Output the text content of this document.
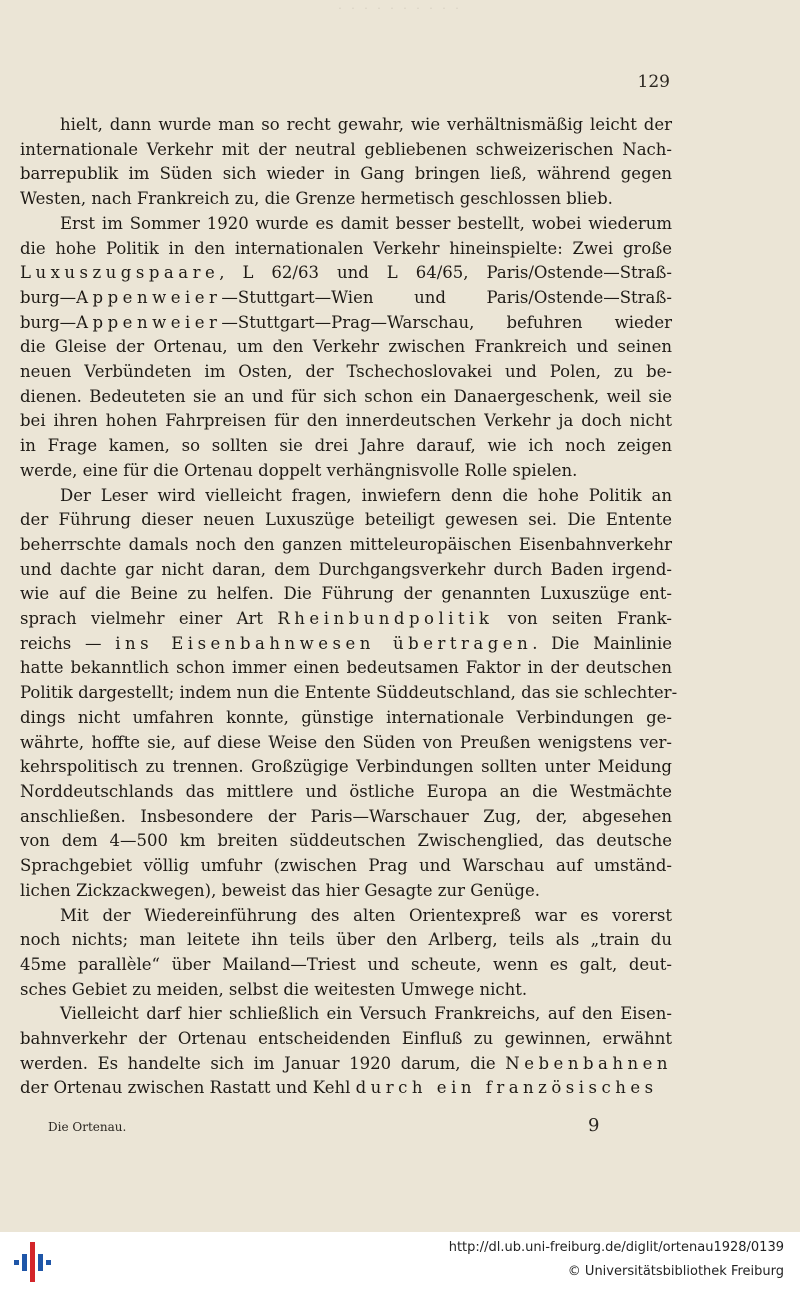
· · · · · · · · · ·
129

hielt, dann wurde man so recht gewahr, wie verhältnismäßig leicht der

internationale Verkehr mit der neutral gebliebenen schweizerischen Nach-

barrepublik im Süden sich wieder in Gang bringen ließ, während gegen

Westen, nach Frankreich zu, die Grenze hermetisch geschlossen blieb.

Erst im Sommer 1920 wurde es damit besser bestellt, wobei wiederum

die hohe Politik in den internationalen Verkehr hineinspielte: Zwei große

Luxuszugspaare, L 62/63 und L 64/65, Paris/Ostende—Straß-

burg—Appenweier—Stuttgart—Wien und Paris/Ostende—Straß-

burg—Appenweier—Stuttgart—Prag—Warschau, befuhren wieder

die Gleise der Ortenau, um den Verkehr zwischen Frankreich und seinen

neuen Verbündeten im Osten, der Tschechoslovakei und Polen, zu be-

dienen. Bedeuteten sie an und für sich schon ein Danaergeschenk, weil sie

bei ihren hohen Fahrpreisen für den innerdeutschen Verkehr ja doch nicht

in Frage kamen, so sollten sie drei Jahre darauf, wie ich noch zeigen

werde, eine für die Ortenau doppelt verhängnisvolle Rolle spielen.

Der Leser wird vielleicht fragen, inwiefern denn die hohe Politik an

der Führung dieser neuen Luxuszüge beteiligt gewesen sei. Die Entente

beherrschte damals noch den ganzen mitteleuropäischen Eisenbahnverkehr

und dachte gar nicht daran, dem Durchgangsverkehr durch Baden irgend-

wie auf die Beine zu helfen. Die Führung der genannten Luxuszüge ent-

sprach vielmehr einer Art Rheinbundpolitik von seiten Frank-

reichs — ins Eisenbahnwesen übertragen. Die Mainlinie

hatte bekanntlich schon immer einen bedeutsamen Faktor in der deutschen

Politik dargestellt; indem nun die Entente Süddeutschland, das sie schlechter-

dings nicht umfahren konnte, günstige internationale Verbindungen ge-

währte, hoffte sie, auf diese Weise den Süden von Preußen wenigstens ver-

kehrspolitisch zu trennen. Großzügige Verbindungen sollten unter Meidung

Norddeutschlands das mittlere und östliche Europa an die Westmächte

anschließen. Insbesondere der Paris—Warschauer Zug, der, abgesehen

von dem 4—500 km breiten süddeutschen Zwischenglied, das deutsche

Sprachgebiet völlig umfuhr (zwischen Prag und Warschau auf umständ-

lichen Zickzackwegen), beweist das hier Gesagte zur Genüge.

Mit der Wiedereinführung des alten Orientexpreß war es vorerst

noch nichts; man leitete ihn teils über den Arlberg, teils als „train du

45me parallèle“ über Mailand—Triest und scheute, wenn es galt, deut-

sches Gebiet zu meiden, selbst die weitesten Umwege nicht.

Vielleicht darf hier schließlich ein Versuch Frankreichs, auf den Eisen-

bahnverkehr der Ortenau entscheidenden Einfluß zu gewinnen, erwähnt

werden. Es handelte sich im Januar 1920 darum, die Nebenbahnen

der Ortenau zwischen Rastatt und Kehl durch ein französisches

Die Ortenau.	9
http://dl.ub.uni-freiburg.de/diglit/ortenau1928/0139
© Universitätsbibliothek Freiburg
